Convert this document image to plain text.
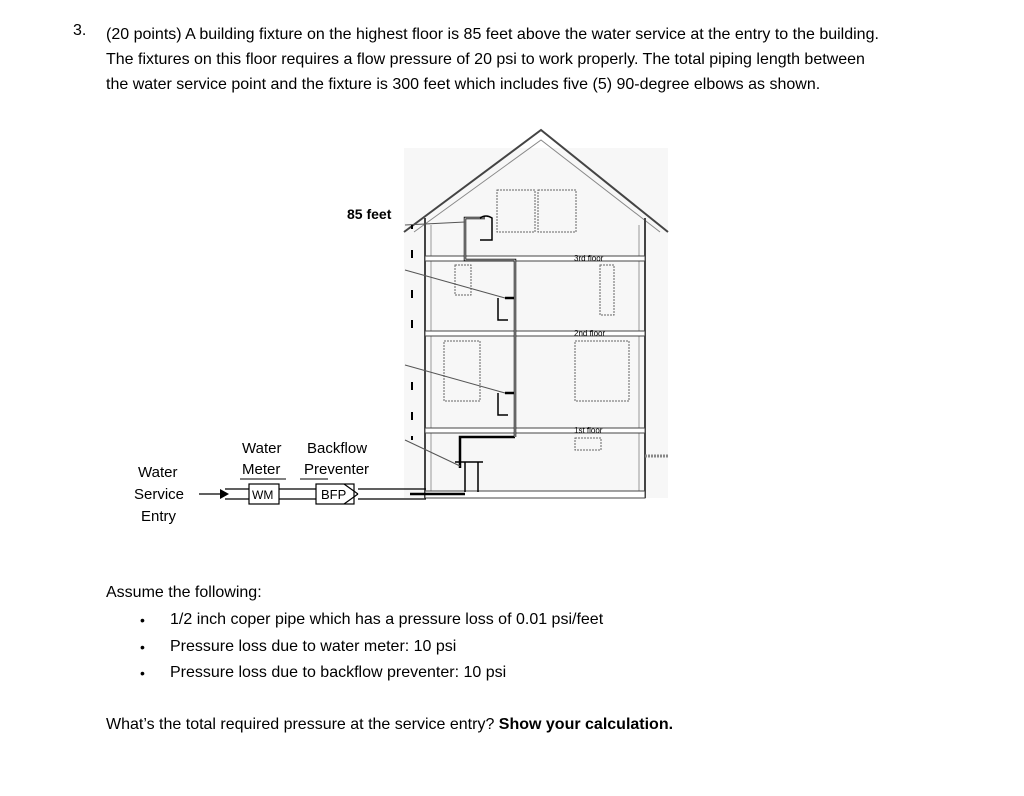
3. (20 points) A building fixture on the highest floor is 85 feet above the water service at the entry to the building.
The fixtures on this floor requires a flow pressure of 20 psi to work properly. The total piping length between
the water service point and the fixture is 300 feet which includes five (5) 90-degree elbows as shown.
Water
Service
Entry
Water
Meter
Backflow
Preventer
85 feet
3rd floor
2nd floor
1st floor
WM	BFP
Assume the following:
• 1/2 inch coper pipe which has a pressure loss of 0.01 psi/feet
• Pressure loss due to water meter: 10 psi
• Pressure loss due to backflow preventer: 10 psi
What’s the total required pressure at the service entry? Show your calculation.
